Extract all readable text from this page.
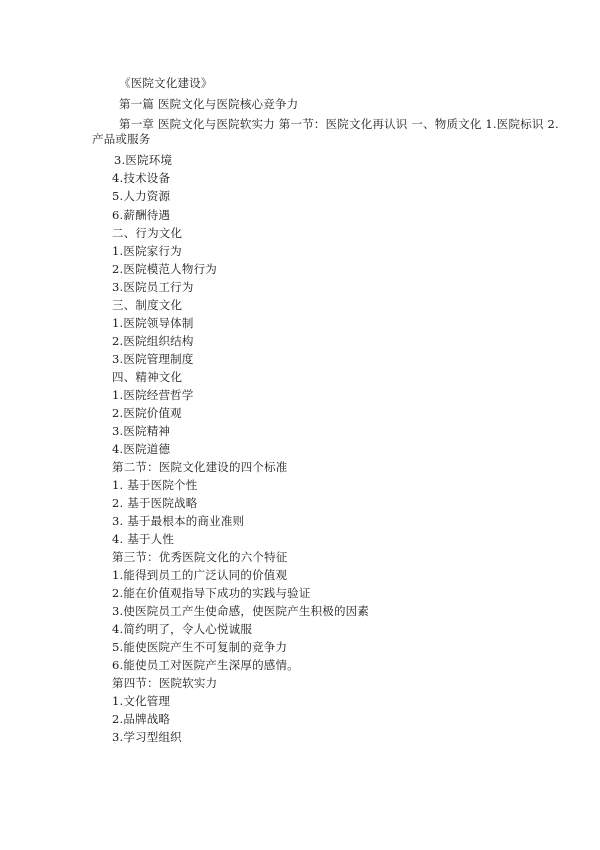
《医院文化建设》
第一篇 医院文化与医院核心竞争力
第一章 医院文化与医院软实力 第一节：医院文化再认识 一、物质文化 1.医院标识 2.
产品或服务
3.医院环境
4.技术设备
5.人力资源
6.薪酬待遇
二、行为文化
1.医院家行为
2.医院模范人物行为
3.医院员工行为
三、制度文化
1.医院领导体制
2.医院组织结构
3.医院管理制度
四、精神文化
1.医院经营哲学
2.医院价值观
3.医院精神
4.医院道德
第二节：医院文化建设的四个标准
1. 基于医院个性
2. 基于医院战略
3. 基于最根本的商业准则
4. 基于人性
第三节：优秀医院文化的六个特征
1.能得到员工的广泛认同的价值观
2.能在价值观指导下成功的实践与验证
3.使医院员工产生使命感，使医院产生积极的因素
4.简约明了，令人心悦诚服
5.能使医院产生不可复制的竞争力
6.能使员工对医院产生深厚的感情。
第四节：医院软实力
1.文化管理
2.品牌战略
3.学习型组织
